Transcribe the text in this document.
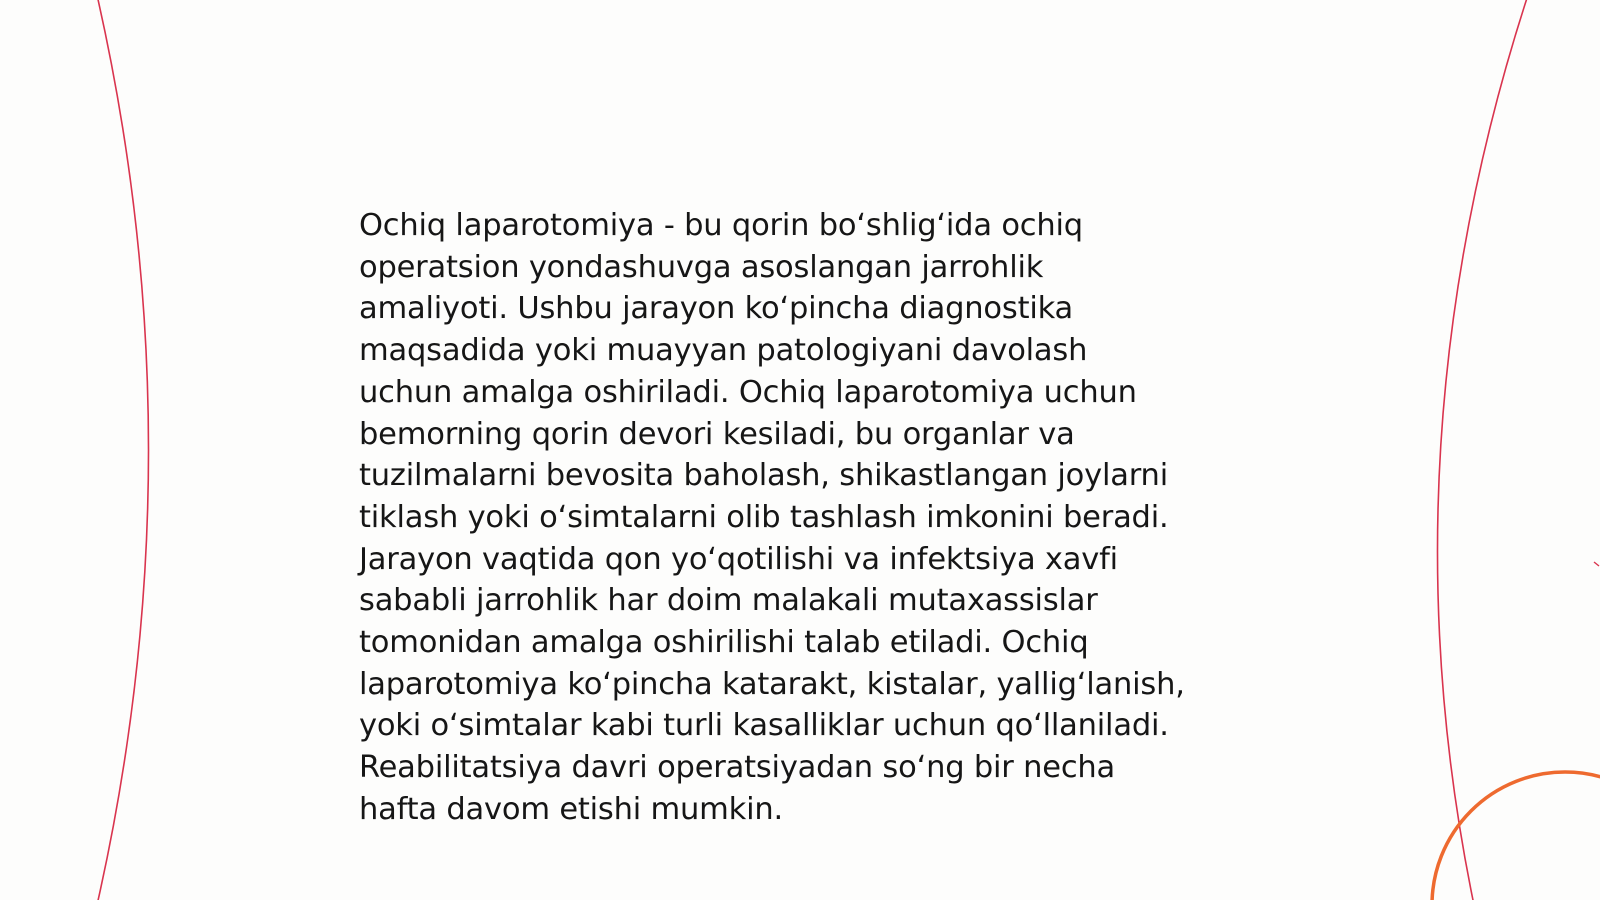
Ochiq laparotomiya - bu qorin bo‘shlig‘ida ochiq
operatsion yondashuvga asoslangan jarrohlik
amaliyoti. Ushbu jarayon ko‘pincha diagnostika
maqsadida yoki muayyan patologiyani davolash
uchun amalga oshiriladi. Ochiq laparotomiya uchun
bemorning qorin devori kesiladi, bu organlar va
tuzilmalarni bevosita baholash, shikastlangan joylarni
tiklash yoki o‘simtalarni olib tashlash imkonini beradi.
Jarayon vaqtida qon yo‘qotilishi va infektsiya xavfi
sababli jarrohlik har doim malakali mutaxassislar
tomonidan amalga oshirilishi talab etiladi. Ochiq
laparotomiya ko‘pincha katarakt, kistalar, yallig‘lanish,
yoki o‘simtalar kabi turli kasalliklar uchun qo‘llaniladi.
Reabilitatsiya davri operatsiyadan so‘ng bir necha
hafta davom etishi mumkin.
